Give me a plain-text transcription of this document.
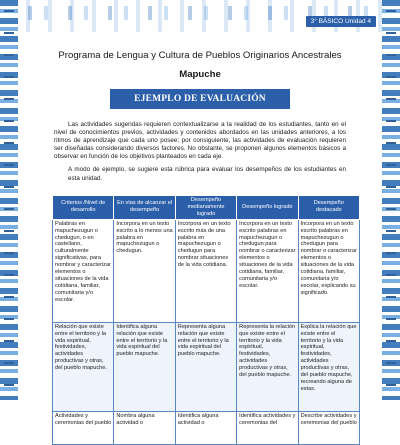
3° BÁSICO Unidad 4

Programa de Lengua y Cultura de Pueblos Originarios Ancestrales

Mapuche

EJEMPLO DE EVALUACIÓN

Las actividades sugeridas requieren contextualizarse a la realidad de los estudiantes, tanto en el nivel de conocimientos previos, actividades y contenidos abordados en las unidades anteriores, a los ritmos de aprendizaje que cada uno posee; por consiguiente, las actividades de evaluación requieren ser diseñadas considerando diversos factores. No obstante, se proponen algunos elementos básicos a observar en función de los objetivos planteados en cada eje.

A modo de ejemplo, se sugiere esta rúbrica para evaluar los desempeños de los estudiantes en esta unidad.

Criterios /Nivel de desarrollo	En vías de alcanzar el desempeño	Desempeño medianamente logrado	Desempeño logrado	Desempeño destacado
Palabras en mapuchezugun o chedugun, o en castellano, culturalmente significativas, para nombrar y caracterizar elementos o situaciones de la vida cotidiana, familiar, comunitaria y/o escolar.	Incorpora en un texto escrito a lo menos una palabra en mapuchezugun o chedugun.	Incorpora en un texto escrito más de una palabra en mapuchezugun o chedugun para nombrar situaciones de la vida cotidiana.	Incorpora en un texto escrito palabras en mapuchezugun o chedugun para nombrar o caracterizar elementos o situaciones de la vida cotidiana, familiar, comunitaria y/o escolar.	Incorpora en un texto escrito palabras en mapuchezugun o chedugun para nombrar o caracterizar elementos o situaciones de la vida cotidiana, familiar, comunitaria y/o escolar, explicando su significado.
Relación que existe entre el territorio y la vida espiritual, festividades, actividades productivas y otras, del pueblo mapuche.	Identifica alguna relación que existe entre el territorio y la vida espiritual del pueblo mapuche.	Representa alguna relación que existe entre el territorio y la vida espiritual del pueblo mapuche.	Representa la relación que existe entre el territorio y la vida espiritual, festividades, actividades productivas y otras, del pueblo mapuche.	Explica la relación que existe entre el territorio y la vida espiritual, festividades, actividades productivas y otras, del pueblo mapuche, recreando alguna de estas.
Actividades y ceremonias del pueblo	Nombra alguna actividad o	Identifica alguna actividad o	Identifica actividades y ceremonias del	Describe actividades y ceremonias del pueblo
